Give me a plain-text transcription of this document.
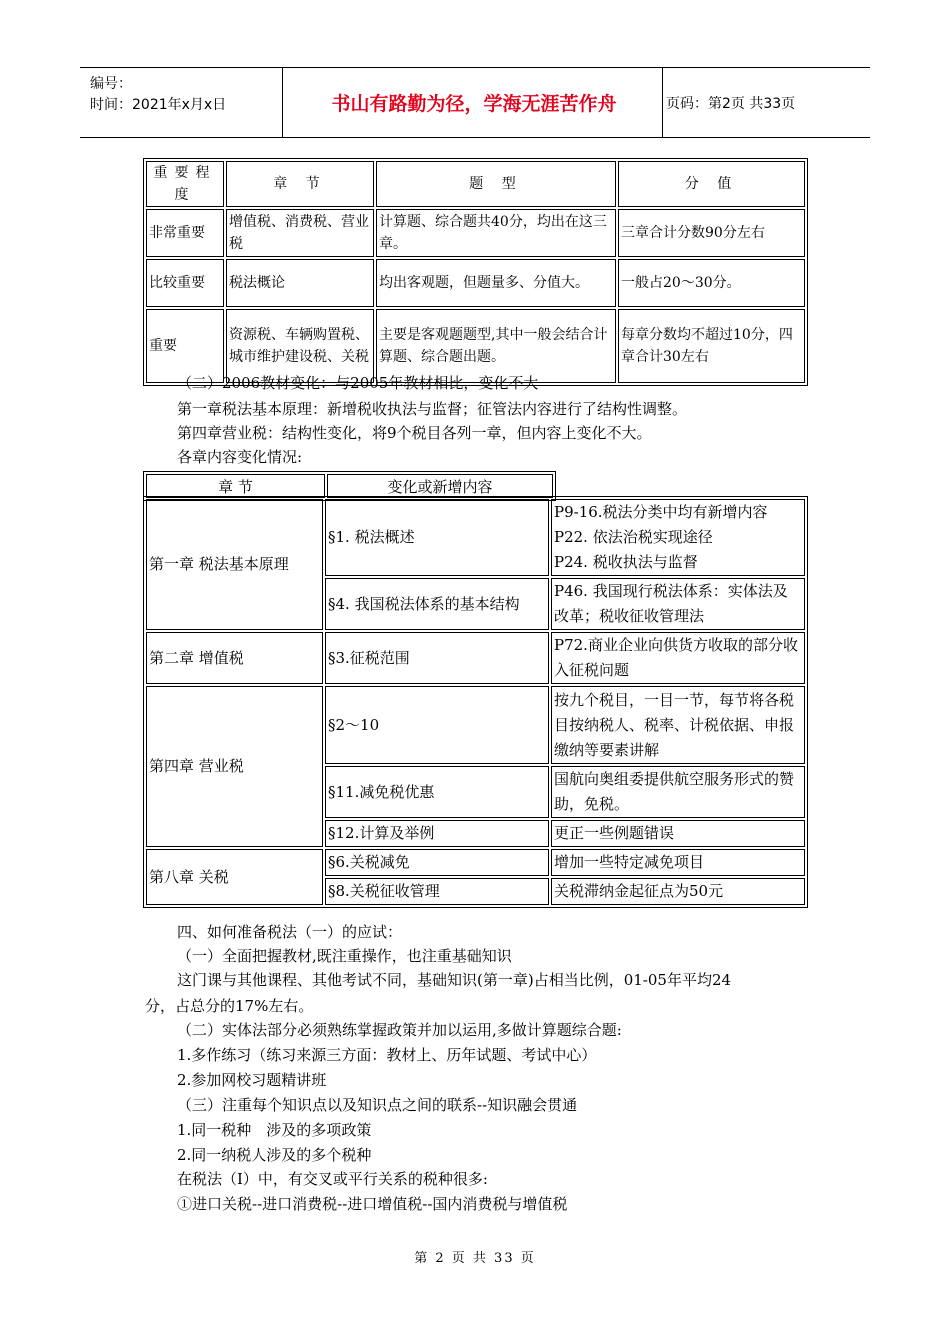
编号：
时间：2021年x月x日	书山有路勤为径，学海无涯苦作舟	页码：第2页 共33页
重要程度	章 节	题 型	分 值
非常重要	增值税、消费税、营业税	计算题、综合题共40分，均出在这三章。	三章合计分数90分左右
比较重要	税法概论	均出客观题，但题量多、分值大。	一般占20～30分。
重要	资源税、车辆购置税、城市维护建设税、关税	主要是客观题题型,其中一般会结合计算题、综合题出题。	每章分数均不超过10分，四章合计30左右
（二）2006教材变化：与2005年教材相比，变化不大
第一章税法基本原理：新增税收执法与监督；征管法内容进行了结构性调整。
第四章营业税：结构性变化，将9个税目各列一章，但内容上变化不大。
各章内容变化情况:
章 节	变化或新增内容
第一章 税法基本原理	§1. 税法概述	P9-16.税法分类中均有新增内容
P22. 依法治税实现途径
P24. 税收执法与监督
	§4. 我国税法体系的基本结构	P46. 我国现行税法体系：实体法及改革；税收征收管理法
第二章 增值税	§3.征税范围	P72.商业企业向供货方收取的部分收入征税问题
第四章 营业税	§2～10	按九个税目，一目一节，每节将各税目按纳税人、税率、计税依据、申报缴纳等要素讲解
	§11.减免税优惠	国航向奥组委提供航空服务形式的赞助，免税。
	§12.计算及举例	更正一些例题错误
第八章 关税	§6.关税减免	增加一些特定减免项目
	§8.关税征收管理	关税滞纳金起征点为50元
四、如何准备税法（一）的应试：
（一）全面把握教材,既注重操作，也注重基础知识
这门课与其他课程、其他考试不同，基础知识(第一章)占相当比例，01-05年平均24
分，占总分的17%左右。
（二）实体法部分必须熟练掌握政策并加以运用,多做计算题综合题:
1.多作练习（练习来源三方面：教材上、历年试题、考试中心）
2.参加网校习题精讲班
（三）注重每个知识点以及知识点之间的联系--知识融会贯通
1.同一税种　涉及的多项政策
2.同一纳税人涉及的多个税种
在税法（Ⅰ）中，有交叉或平行关系的税种很多:
①进口关税--进口消费税--进口增值税--国内消费税与增值税
第 2 页 共 33 页
